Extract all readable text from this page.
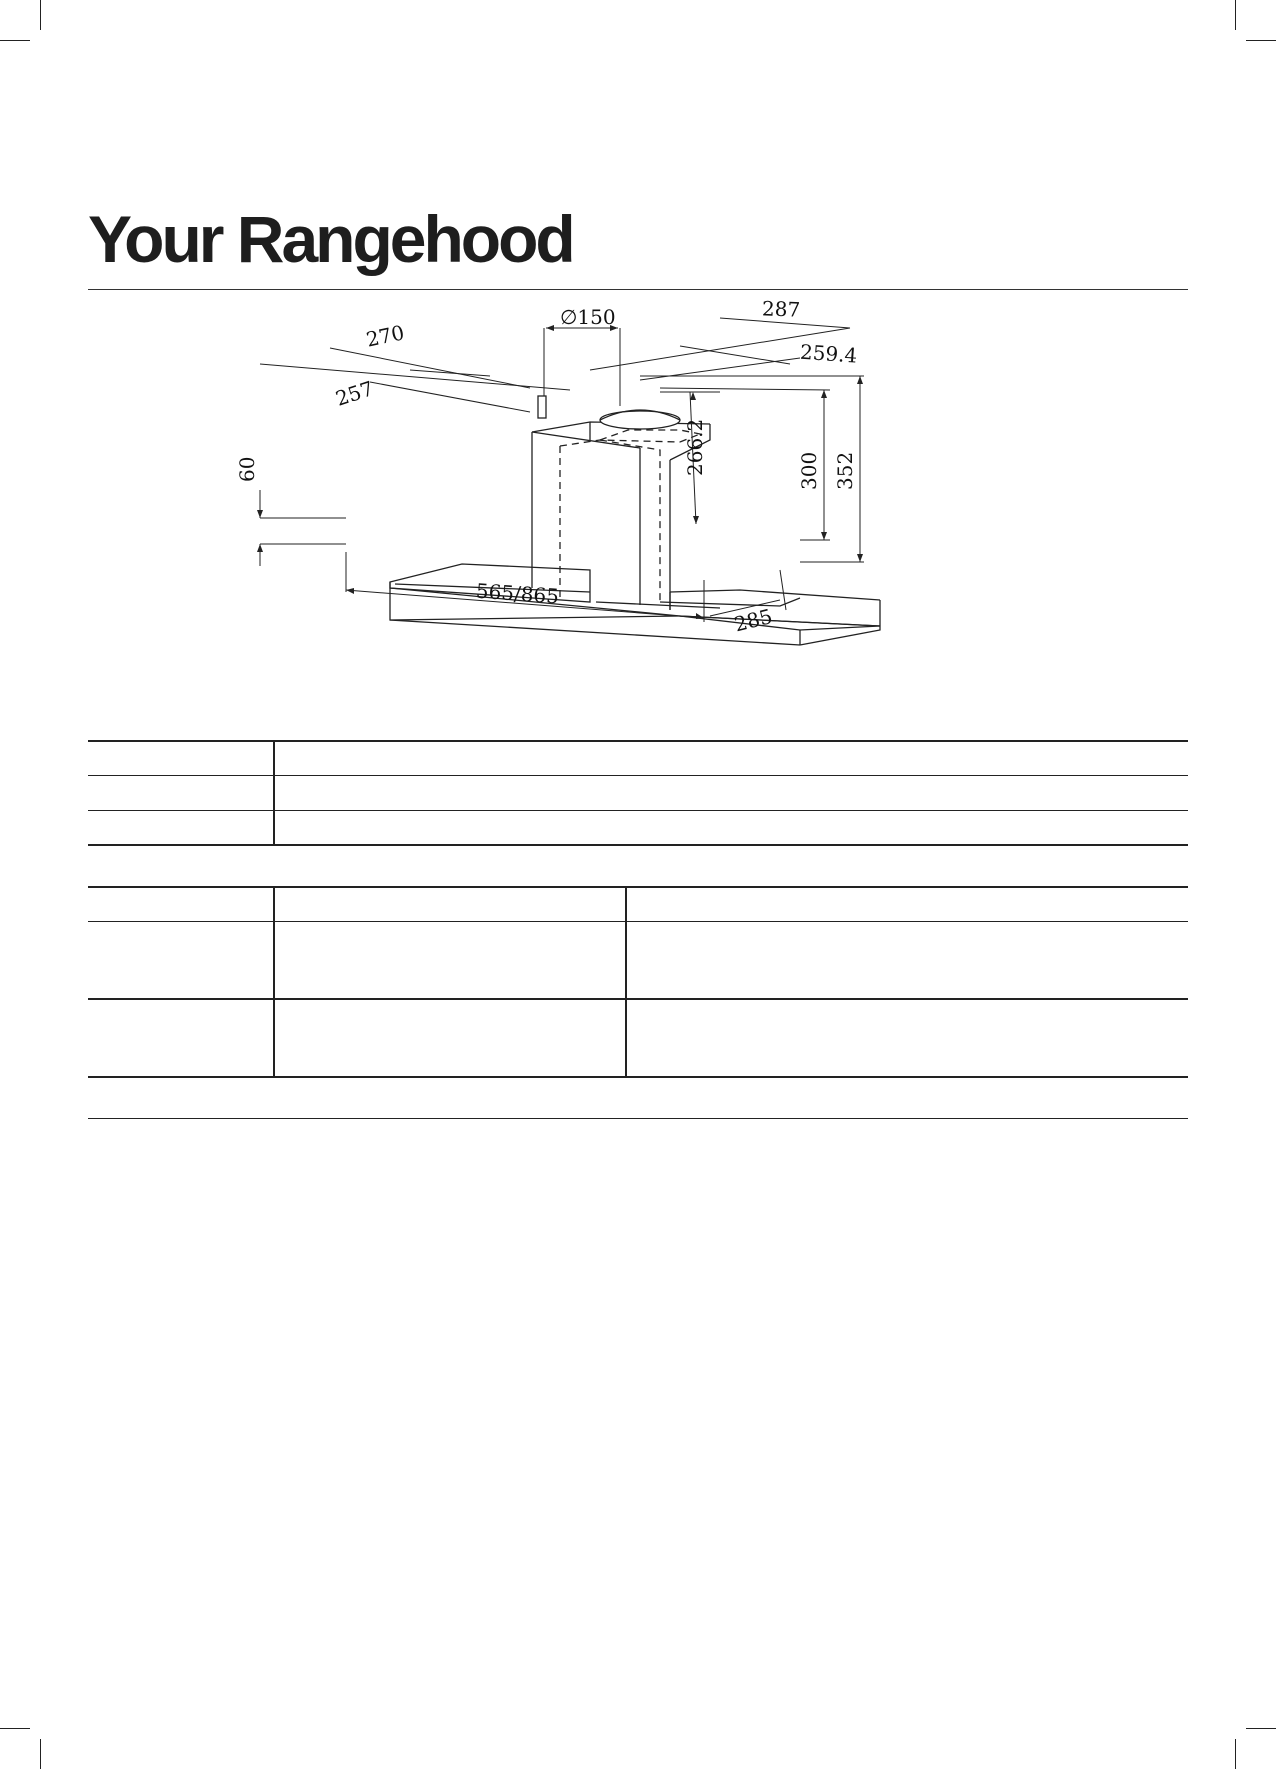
Your Rangehood
∅150
270
287
259.4
257
266.2	300 352
60
565/865
285
